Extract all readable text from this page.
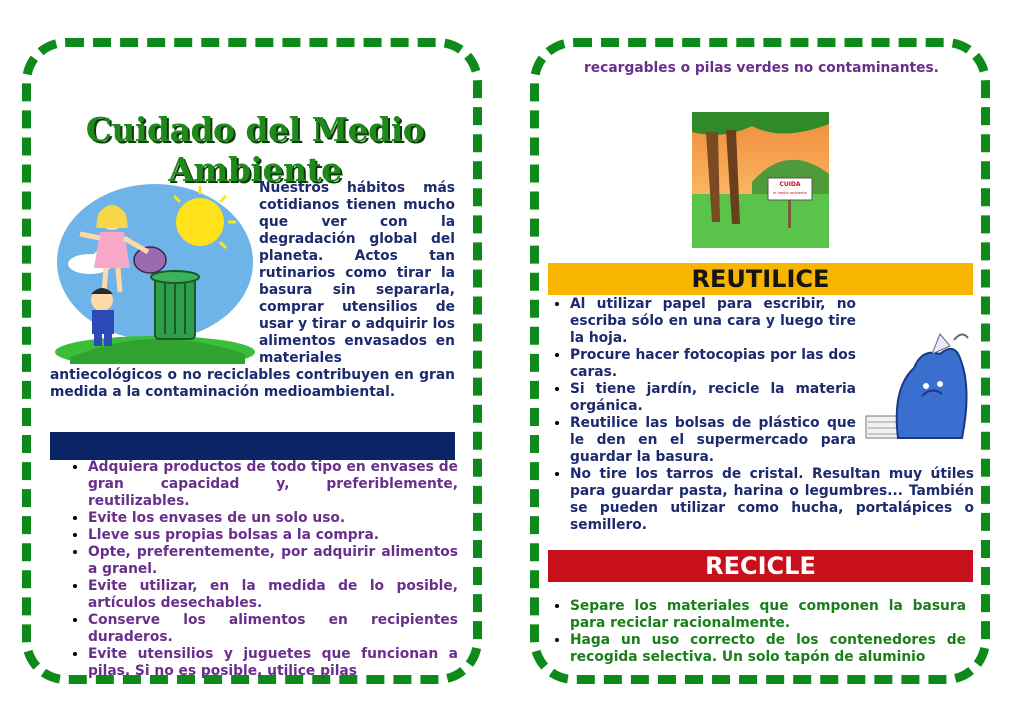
Cuidado del Medio Ambiente
Nuestros hábitos más cotidianos tienen mucho que ver con la degradación global del planeta. Actos tan rutinarios como tirar la basura sin separarla, comprar utensilios de usar y tirar o adquirir los alimentos envasados en materiales antiecológicos o no reciclables contribuyen en gran medida a la contaminación medioambiental.
• Adquiera productos de todo tipo en envases de gran capacidad y, preferiblemente, reutilizables.
• Evite los envases de un solo uso.
• Lleve sus propias bolsas a la compra.
• Opte, preferentemente, por adquirir alimentos a granel.
• Evite utilizar, en la medida de lo posible, artículos desechables.
• Conserve los alimentos en recipientes duraderos.
• Evite utensilios y juguetes que funcionan a pilas. Si no es posible, utilice pilas
recargables o pilas verdes no contaminantes.
CUIDA
el medio ambiente
REUTILICE
• Al utilizar papel para escribir, no escriba sólo en una cara y luego tire la hoja.
• Procure hacer fotocopias por las dos caras.
• Si tiene jardín, recicle la materia orgánica.
• Reutilice las bolsas de plástico que le den en el supermercado para guardar la basura.
• No tire los tarros de cristal. Resultan muy útiles para guardar pasta, harina o legumbres... También se pueden utilizar como hucha, portalápices o semillero.
RECICLE
• Separe los materiales que componen la basura para reciclar racionalmente.
• Haga un uso correcto de los contenedores de recogida selectiva. Un solo tapón de aluminio
